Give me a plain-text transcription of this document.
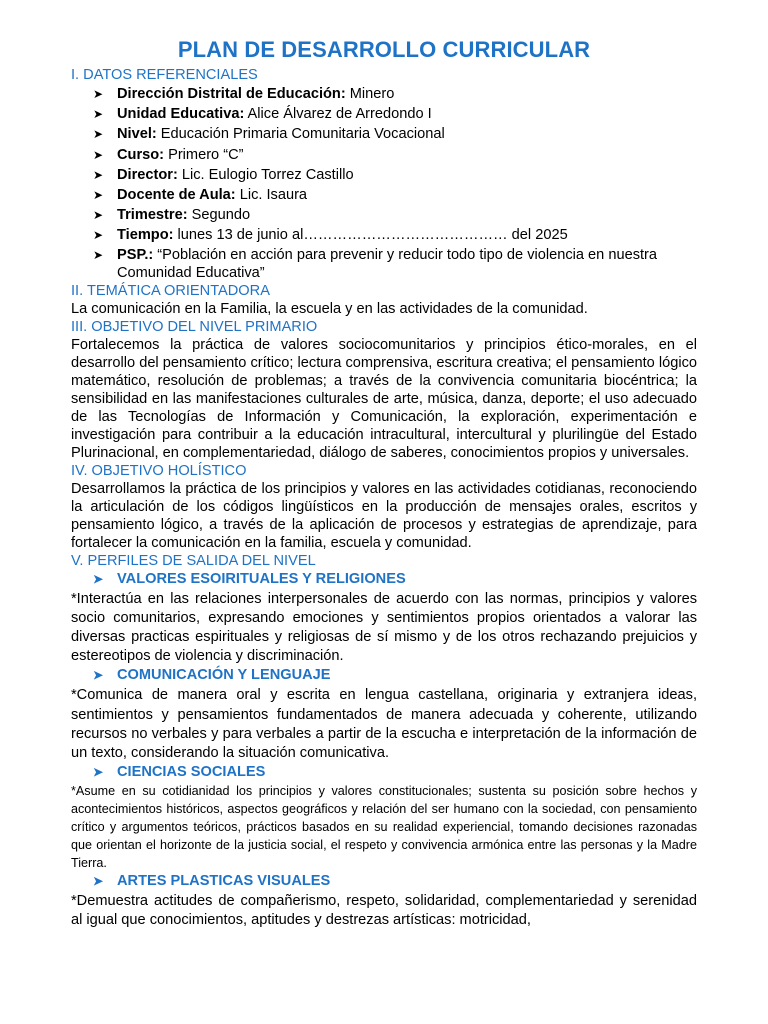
PLAN DE DESARROLLO CURRICULAR
I. DATOS REFERENCIALES
➤ Dirección Distrital de Educación: Minero
➤ Unidad Educativa: Alice Álvarez de Arredondo I
➤ Nivel: Educación Primaria Comunitaria Vocacional
➤ Curso: Primero “C”
➤ Director: Lic. Eulogio Torrez Castillo
➤ Docente de Aula: Lic. Isaura
➤ Trimestre: Segundo
➤ Tiempo: lunes 13 de junio al…………………………………… del 2025
➤ PSP.: “Población en acción para prevenir y reducir todo tipo de violencia en nuestra Comunidad Educativa”
II. TEMÁTICA ORIENTADORA

La comunicación en la Familia, la escuela y en las actividades de la comunidad.

III. OBJETIVO DEL NIVEL PRIMARIO

Fortalecemos la práctica de valores sociocomunitarios y principios ético-morales, en el desarrollo del pensamiento crítico; lectura comprensiva, escritura creativa; el pensamiento lógico matemático, resolución de problemas; a través de la convivencia comunitaria biocéntrica; la sensibilidad en las manifestaciones culturales de arte, música, danza, deporte; el uso adecuado de las Tecnologías de Información y Comunicación, la exploración, experimentación e investigación para contribuir a la educación intracultural, intercultural y plurilingüe del Estado Plurinacional, en complementariedad, diálogo de saberes, conocimientos propios y universales.

IV. OBJETIVO HOLÍSTICO

Desarrollamos la práctica de los principios y valores en las actividades cotidianas, reconociendo la articulación de los códigos lingüísticos en la producción de mensajes orales, escritos y pensamiento lógico, a través de la aplicación de procesos y estrategias de aprendizaje, para fortalecer la comunicación en la familia, escuela y comunidad.

V. PERFILES DE SALIDA DEL NIVEL
➤ VALORES ESOIRITUALES Y RELIGIONES

*Interactúa en las relaciones interpersonales de acuerdo con las normas, principios y valores socio comunitarios, expresando emociones y sentimientos propios orientados a valorar las diversas practicas espirituales y religiosas de sí mismo y de los otros rechazando prejuicios y estereotipos de violencia y discriminación.

➤ COMUNICACIÓN Y LENGUAJE

*Comunica de manera oral y escrita en lengua castellana, originaria y extranjera ideas, sentimientos y pensamientos fundamentados de manera adecuada y coherente, utilizando recursos no verbales y para verbales a partir de la escucha e interpretación de la información de un texto, considerando la situación comunicativa.

➤ CIENCIAS SOCIALES

*Asume en su cotidianidad los principios y valores constitucionales; sustenta su posición sobre hechos y acontecimientos históricos, aspectos geográficos y relación del ser humano con la sociedad, con pensamiento crítico y argumentos teóricos, prácticos basados en su realidad experiencial, tomando decisiones razonadas que orientan el horizonte de la justicia social, el respeto y convivencia armónica entre las personas y la Madre Tierra.

➤ ARTES PLASTICAS VISUALES

*Demuestra actitudes de compañerismo, respeto, solidaridad, complementariedad y serenidad al igual que conocimientos, aptitudes y destrezas artísticas: motricidad,
